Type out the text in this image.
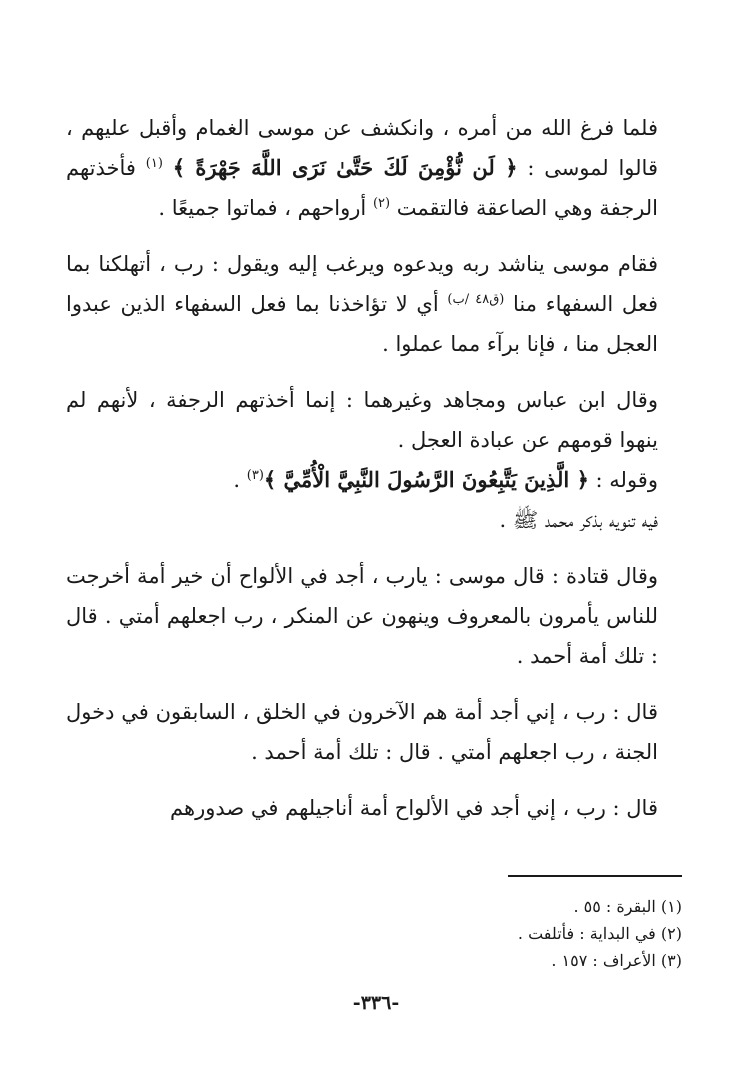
فلما فرغ الله من أمره ، وانكشف عن موسى الغمام وأقبل عليهم ، قالوا لموسى : ﴿ لَن نُّؤْمِنَ لَكَ حَتَّىٰ نَرَى اللَّهَ جَهْرَةً ﴾ $^{(١)}$ فأخذتهم الرجفة وهي الصاعقة فالتقمت $^{(٢)}$ أرواحهم ، فماتوا جميعًا .

فقام موسى يناشد ربه ويدعوه ويرغب إليه ويقول : رب ، أتهلكنا بما فعل السفهاء منا $^{(ق٤٨ /ب)}$ أي لا تؤاخذنا بما فعل السفهاء الذين عبدوا العجل منا ، فإنا برآء مما عملوا .

وقال ابن عباس ومجاهد وغيرهما : إنما أخذتهم الرجفة ، لأنهم لم ينهوا قومهم عن عبادة العجل .

وقوله : ﴿ الَّذِينَ يَتَّبِعُونَ الرَّسُولَ النَّبِيَّ الْأُمِّيَّ ﴾$^{(٣)}$ .

فيه تنويه بذكر محمد ﷺ .

وقال قتادة : قال موسى : يارب ، أجد في الألواح أن خير أمة أخرجت للناس يأمرون بالمعروف وينهون عن المنكر ، رب اجعلهم أمتي . قال : تلك أمة أحمد .

قال : رب ، إني أجد أمة هم الآخرون في الخلق ، السابقون في دخول الجنة ، رب اجعلهم أمتي . قال : تلك أمة أحمد .

قال : رب ، إني أجد في الألواح أمة أناجيلهم في صدورهم

(١) البقرة : ٥٥ .
(٢) في البداية : فأتلفت .
(٣) الأعراف : ١٥٧ .
-٣٣٦-
